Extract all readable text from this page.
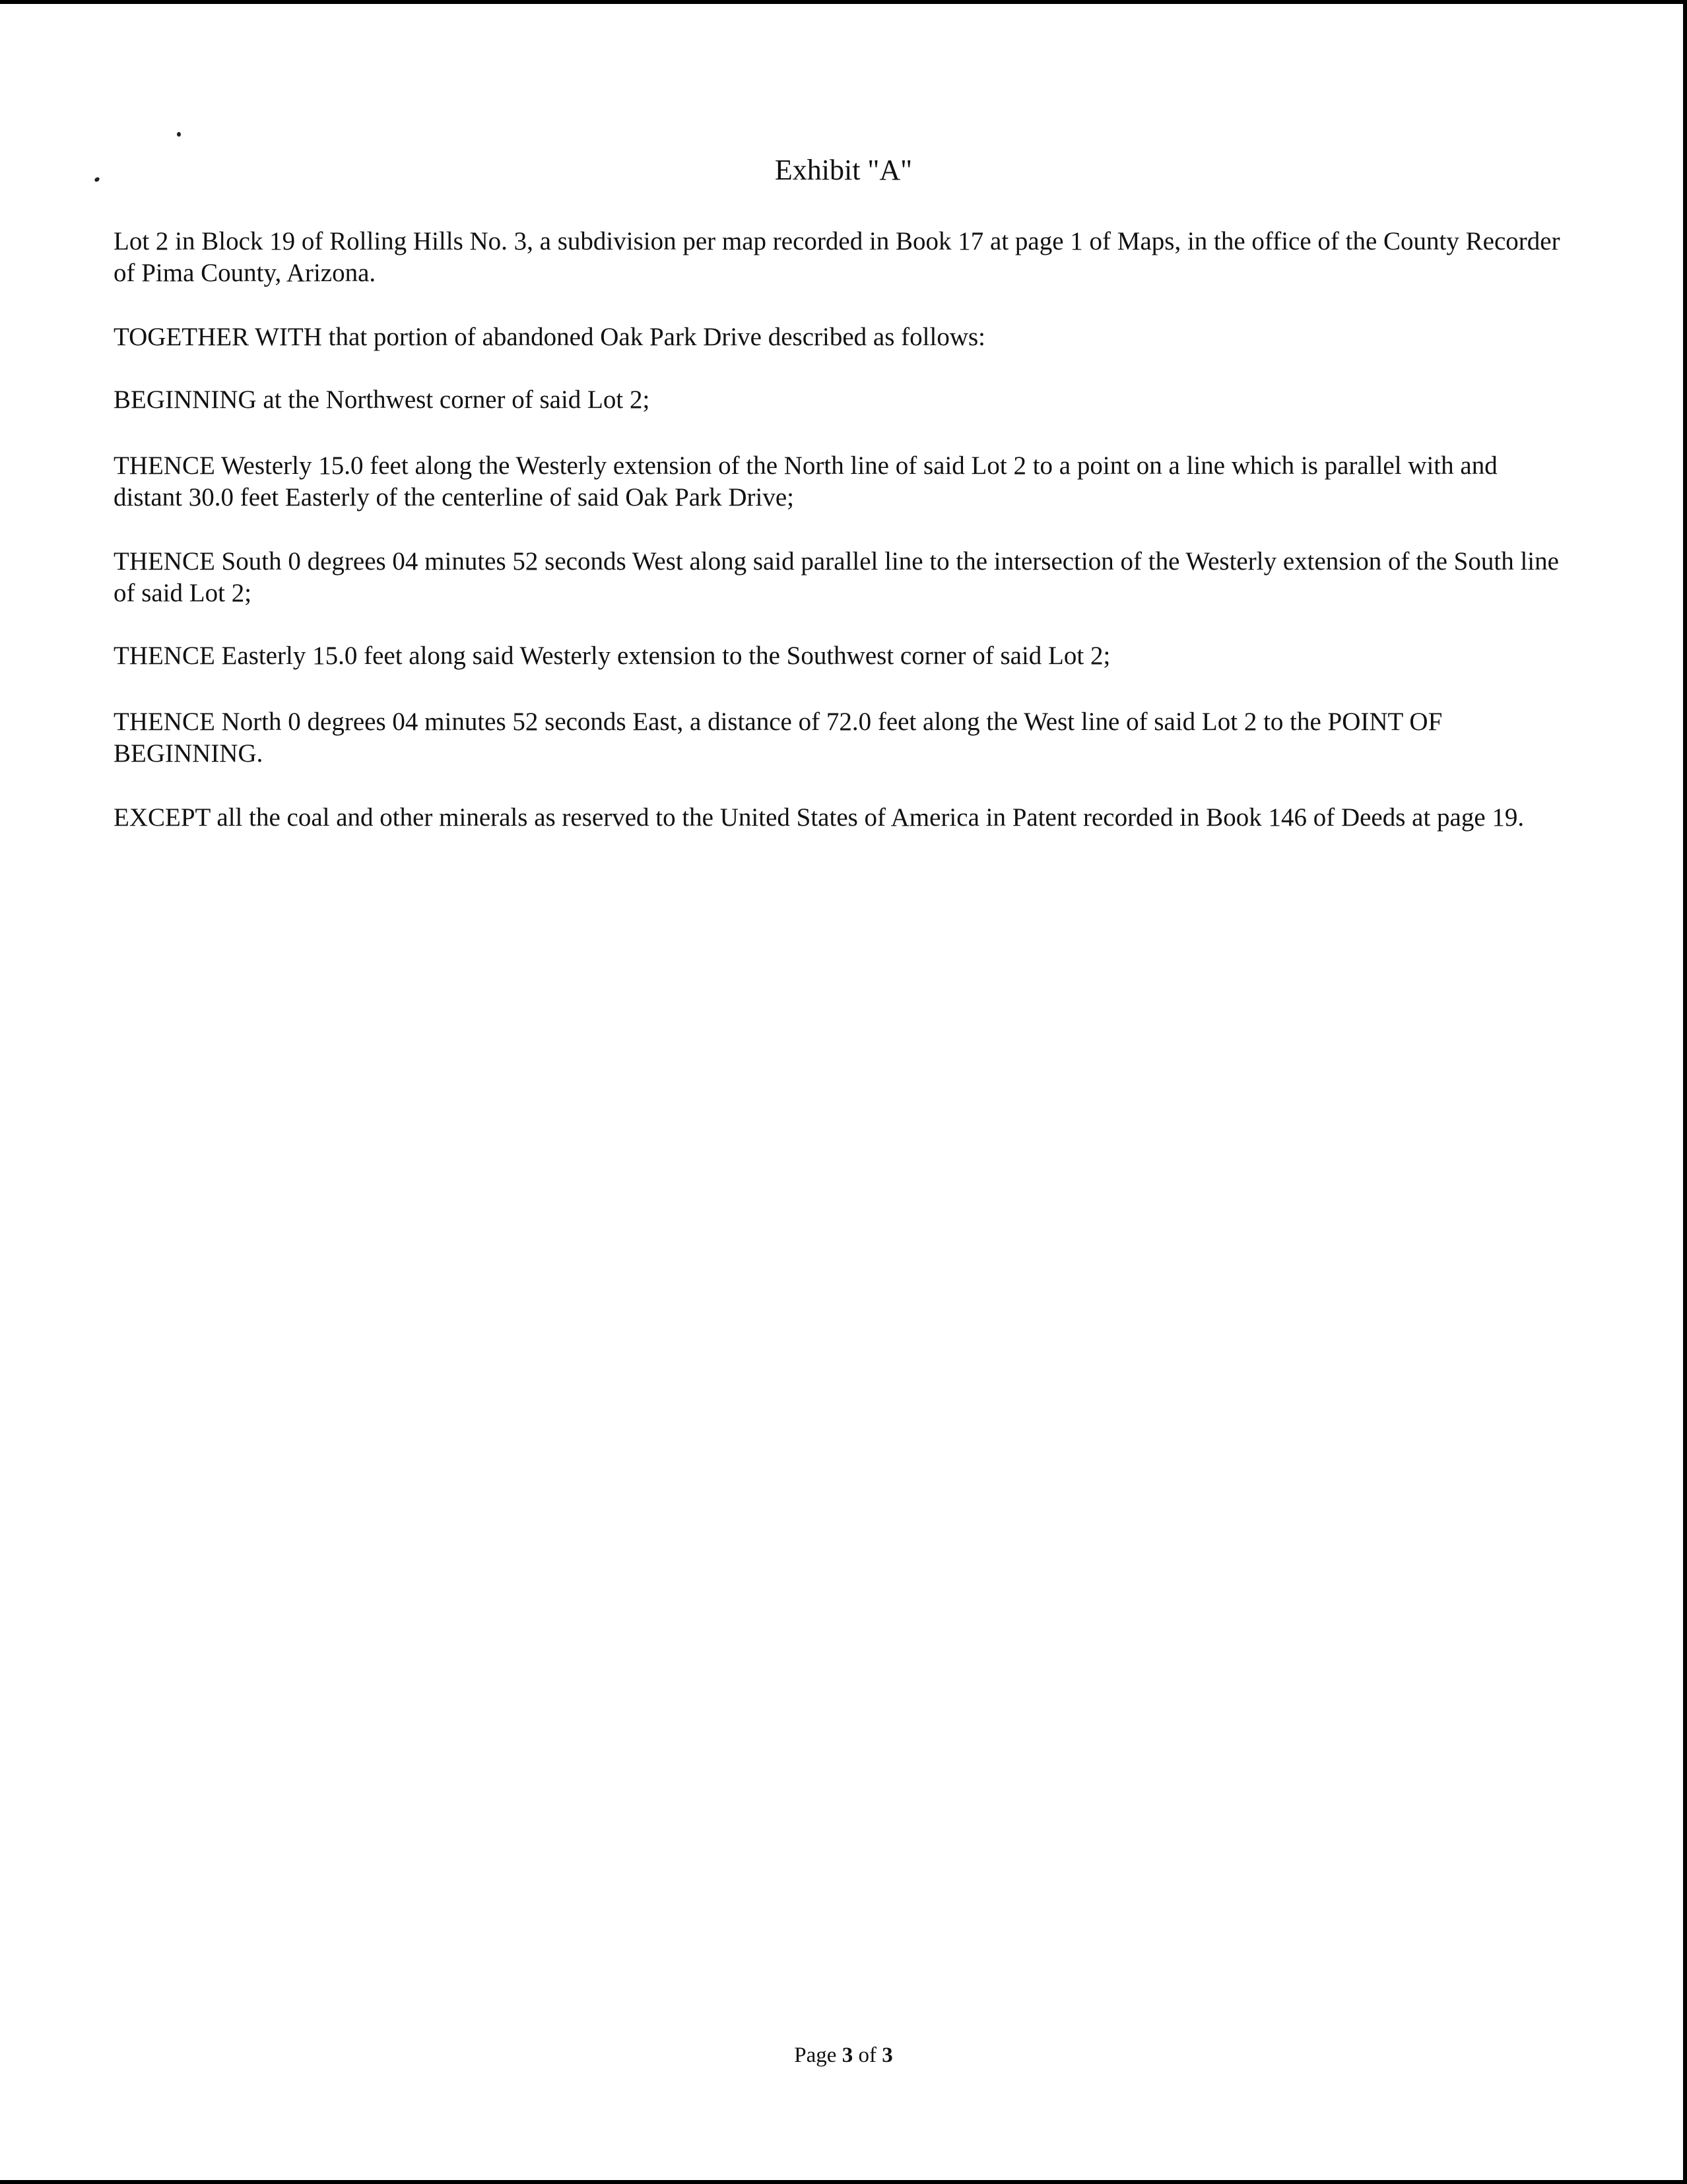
Exhibit "A"

Lot 2 in Block 19 of Rolling Hills No. 3, a subdivision per map recorded in Book 17 at page 1 of Maps, in the office of the County Recorder of Pima County, Arizona.

TOGETHER WITH that portion of abandoned Oak Park Drive described as follows:

BEGINNING at the Northwest corner of said Lot 2;

THENCE Westerly 15.0 feet along the Westerly extension of the North line of said Lot 2 to a point on a line which is parallel with and distant 30.0 feet Easterly of the centerline of said Oak Park Drive;

THENCE South 0 degrees 04 minutes 52 seconds West along said parallel line to the intersection of the Westerly extension of the South line of said Lot 2;

THENCE Easterly 15.0 feet along said Westerly extension to the Southwest corner of said Lot 2;

THENCE North 0 degrees 04 minutes 52 seconds East, a distance of 72.0 feet along the West line of said Lot 2 to the POINT OF BEGINNING.

EXCEPT all the coal and other minerals as reserved to the United States of America in Patent recorded in Book 146 of Deeds at page 19.

Page 3 of 3
